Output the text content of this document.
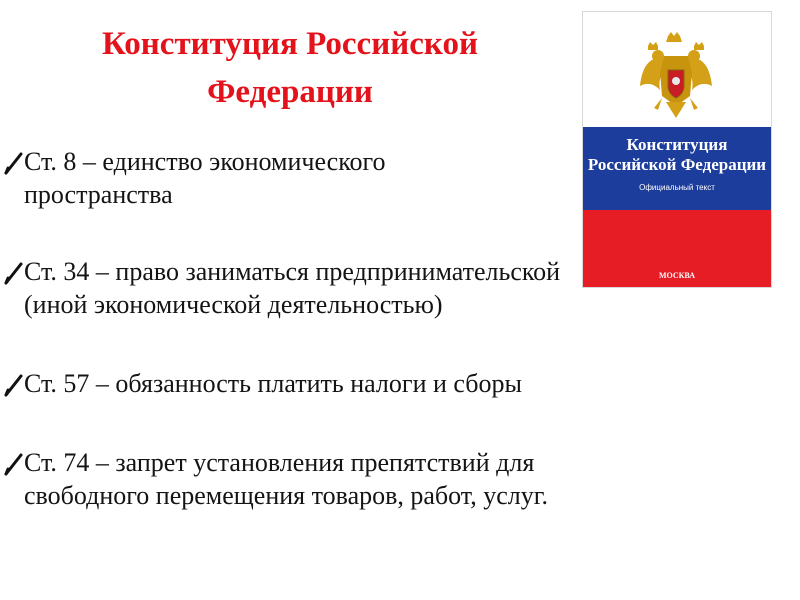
Конституция Российской
Федерации
Ст. 8 – единство экономического
пространства
Ст. 34 – право заниматься предпринимательской
(иной экономической деятельностью)
Ст. 57 – обязанность платить налоги и сборы
Ст. 74 – запрет установления препятствий для
свободного перемещения товаров, работ, услуг.
Конституция
Российской Федерации
Официальный текст
МОСКВА
